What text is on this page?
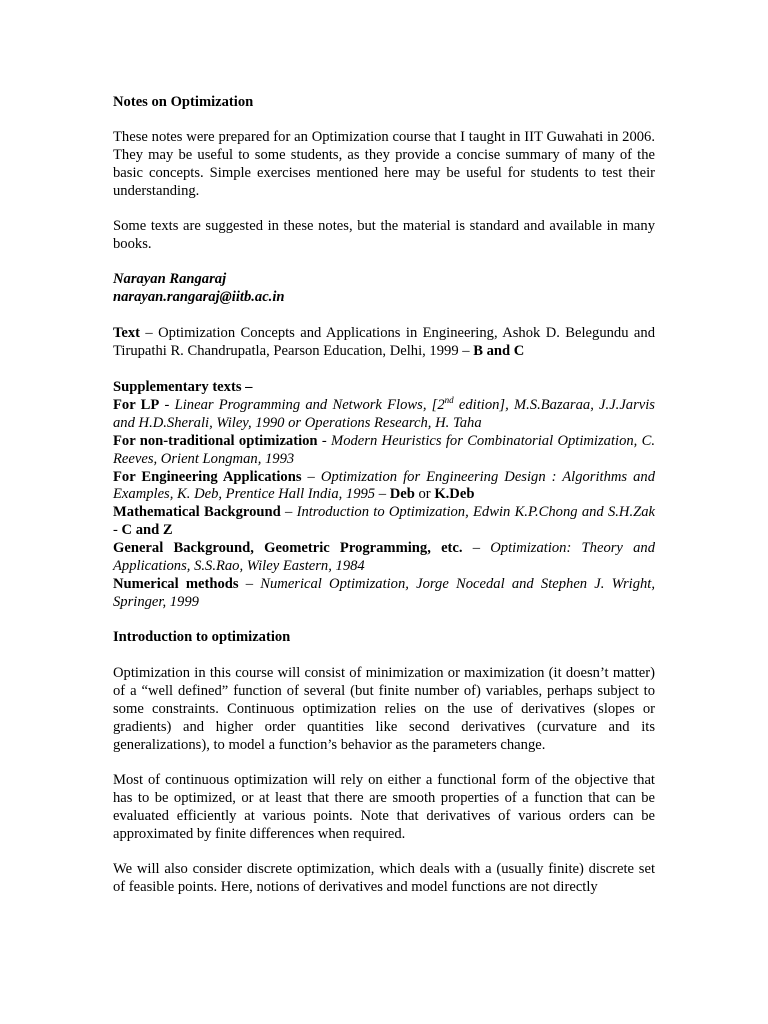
Notes on Optimization

These notes were prepared for an Optimization course that I taught in IIT Guwahati in 2006. They may be useful to some students, as they provide a concise summary of many of the basic concepts. Simple exercises mentioned here may be useful for students to test their understanding.

Some texts are suggested in these notes, but the material is standard and available in many books.

Narayan Rangaraj
narayan.rangaraj@iitb.ac.in

Text – Optimization Concepts and Applications in Engineering, Ashok D. Belegundu and Tirupathi R. Chandrupatla, Pearson Education, Delhi, 1999 – B and C

Supplementary texts –

For LP - Linear Programming and Network Flows, [2nd edition], M.S.Bazaraa, J.J.Jarvis and H.D.Sherali, Wiley, 1990 or Operations Research, H. Taha

For non-traditional optimization - Modern Heuristics for Combinatorial Optimization, C. Reeves, Orient Longman, 1993

For Engineering Applications – Optimization for Engineering Design : Algorithms and Examples, K. Deb, Prentice Hall India, 1995 – Deb or K.Deb

Mathematical Background – Introduction to Optimization, Edwin K.P.Chong and S.H.Zak - C and Z

General Background, Geometric Programming, etc. – Optimization: Theory and Applications, S.S.Rao, Wiley Eastern, 1984

Numerical methods – Numerical Optimization, Jorge Nocedal and Stephen J. Wright, Springer, 1999

Introduction to optimization

Optimization in this course will consist of minimization or maximization (it doesn’t matter) of a “well defined” function of several (but finite number of) variables, perhaps subject to some constraints. Continuous optimization relies on the use of derivatives (slopes or gradients) and higher order quantities like second derivatives (curvature and its generalizations), to model a function’s behavior as the parameters change.

Most of continuous optimization will rely on either a functional form of the objective that has to be optimized, or at least that there are smooth properties of a function that can be evaluated efficiently at various points. Note that derivatives of various orders can be approximated by finite differences when required.

We will also consider discrete optimization, which deals with a (usually finite) discrete set of feasible points. Here, notions of derivatives and model functions are not directly
